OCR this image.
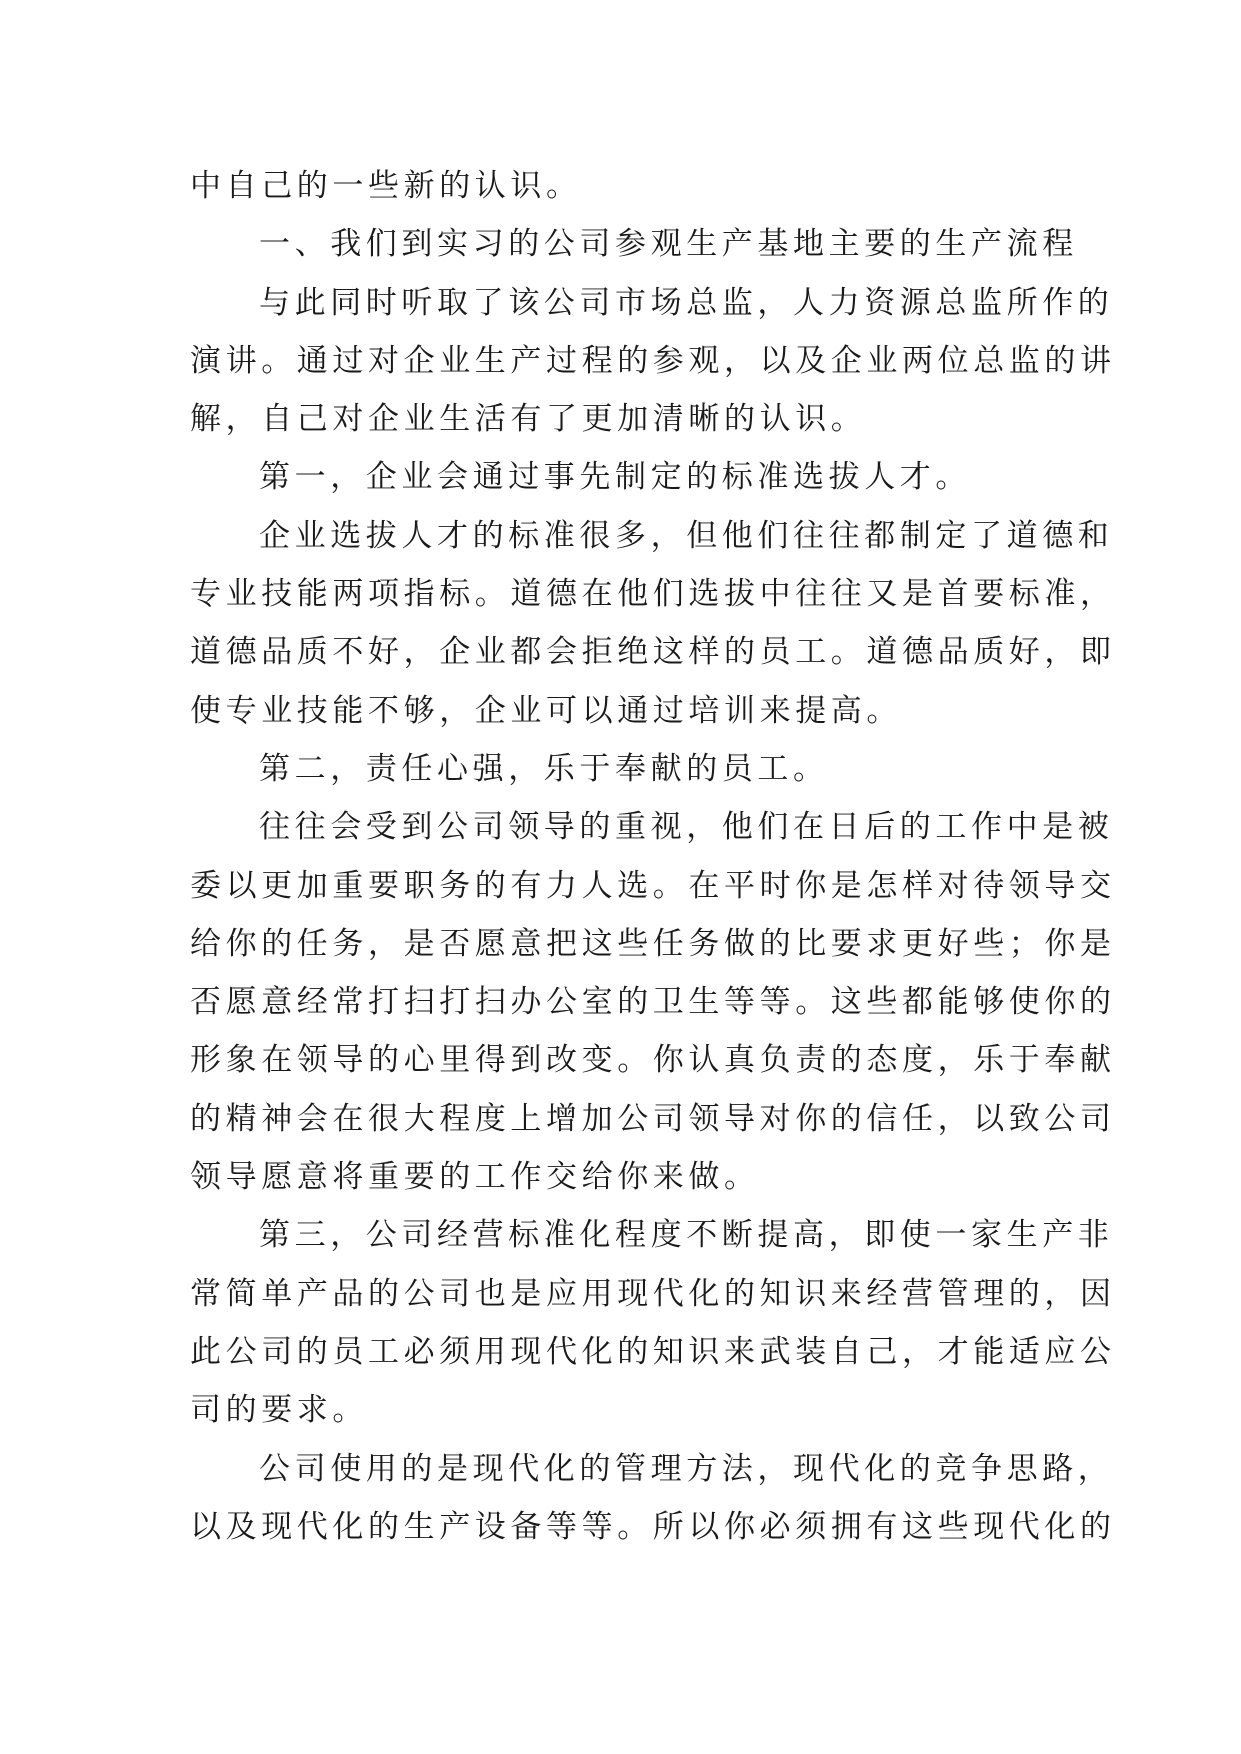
中自己的一些新的认识。
一、我们到实习的公司参观生产基地主要的生产流程
与此同时听取了该公司市场总监，人力资源总监所作的
演讲。通过对企业生产过程的参观，以及企业两位总监的讲
解，自己对企业生活有了更加清晰的认识。
第一，企业会通过事先制定的标准选拔人才。
企业选拔人才的标准很多，但他们往往都制定了道德和
专业技能两项指标。道德在他们选拔中往往又是首要标准，
道德品质不好，企业都会拒绝这样的员工。道德品质好，即
使专业技能不够，企业可以通过培训来提高。
第二，责任心强，乐于奉献的员工。
往往会受到公司领导的重视，他们在日后的工作中是被
委以更加重要职务的有力人选。在平时你是怎样对待领导交
给你的任务，是否愿意把这些任务做的比要求更好些；你是
否愿意经常打扫打扫办公室的卫生等等。这些都能够使你的
形象在领导的心里得到改变。你认真负责的态度，乐于奉献
的精神会在很大程度上增加公司领导对你的信任，以致公司
领导愿意将重要的工作交给你来做。
第三，公司经营标准化程度不断提高，即使一家生产非
常简单产品的公司也是应用现代化的知识来经营管理的，因
此公司的员工必须用现代化的知识来武装自己，才能适应公
司的要求。
公司使用的是现代化的管理方法，现代化的竞争思路，
以及现代化的生产设备等等。所以你必须拥有这些现代化的
